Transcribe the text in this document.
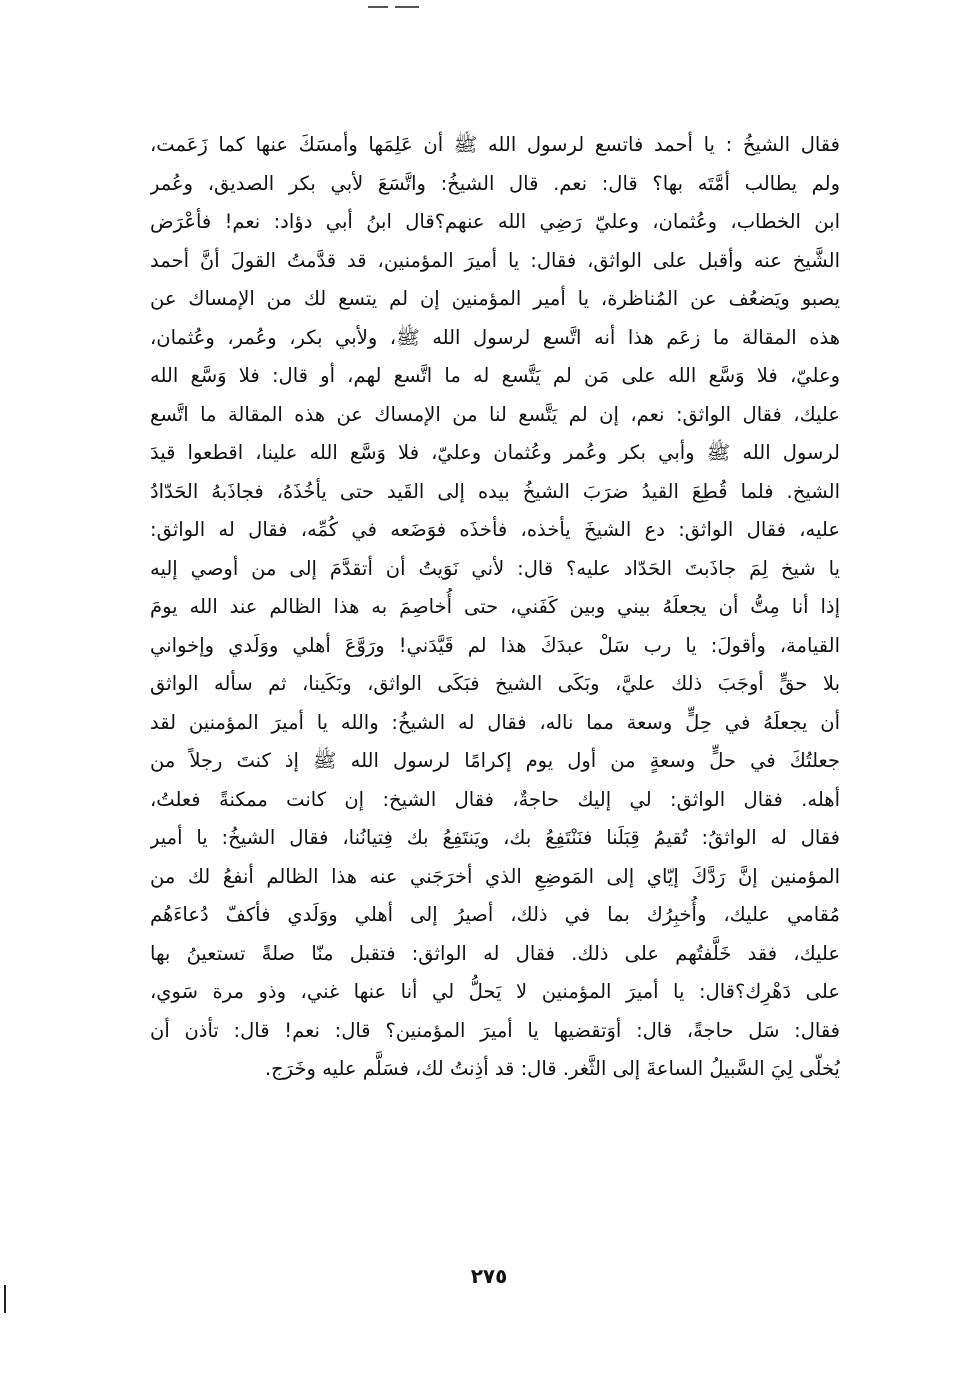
فقال الشيخُ : يا أحمد فاتسع لرسول الله ﷺ أن عَلِمَها وأمسَكَ عنها كما زَعَمت،
ولم يطالب أمَّتَه بها؟ قال: نعم. قال الشيخُ: واتَّسَعَ لأبي بكر الصديق، وعُمر
ابن الخطاب، وعُثمان، وعليّ رَضِي الله عنهم؟قال ابنُ أبي دؤاد: نعم! فأعْرَض
الشَّيخ عنه وأقبل على الواثق، فقال: يا أميرَ المؤمنين، قد قدَّمتُ القولَ أنَّ أحمد
يصبو ويَضعُف عن المُناظرة، يا أمير المؤمنين إن لم يتسع لك من الإمساك عن
هذه المقالة ما زعَم هذا أنه اتَّسع لرسول الله ﷺ، ولأبي بكر، وعُمر، وعُثمان،
وعليّ، فلا وَسَّع الله على مَن لم يَتَّسع له ما اتَّسع لهم، أو قال: فلا وَسَّع الله
عليك، فقال الواثق: نعم، إن لم يَتَّسع لنا من الإمساك عن هذه المقالة ما اتَّسع
لرسول الله ﷺ وأبي بكر وعُمر وعُثمان وعليّ، فلا وَسَّع الله علينا، اقطعوا قيدَ
الشيخ. فلما قُطِعَ القيدُ ضرَبَ الشيخُ بيده إلى القَيد حتى يأخُذَهُ، فجاذَبهُ الحَدّادُ
عليه، فقال الواثق: دع الشيخَ يأخذه، فأخذَه فوَضَعه في كُمِّه، فقال له الواثق:
يا شيخ لِمَ جاذَبتَ الحَدّاد عليه؟ قال: لأني نَوَيتُ أن أتقدَّمَ إلى من أوصي إليه
إذا أنا مِتُّ أن يجعلَهُ بيني وبين كَفَني، حتى أُخاصِمَ به هذا الظالم عند الله يومَ
القيامة، وأقولَ: يا رب سَلْ عبدَكَ هذا لم قَيَّدَني! ورَوَّعَ أهلي ووَلَدي وإخواني
بلا حقٍّ أوجَبَ ذلك عليَّ، وبَكَى الشيخ فبَكَى الواثق، وبَكَينا، ثم سأله الواثق
أن يجعلَهُ في حِلٍّ وسعة مما ناله، فقال له الشيخُ: والله يا أميرَ المؤمنين لقد
جعلتُكَ في حلٍّ وسعةٍ من أول يوم إكرامًا لرسول الله ﷺ إذ كنتَ رجلاً من
أهله. فقال الواثق: لي إليك حاجةٌ، فقال الشيخ: إن كانت ممكنةً فعلتُ،
فقال له الواثقُ: تُقيمُ قِبَلَنا فنَنْتَفِعُ بك، ويَنتَفِعُ بك فِتيانُنا، فقال الشيخُ: يا أمير
المؤمنين إنَّ رَدَّكَ إيّاي إلى المَوضِعِ الذي أخرَجَني عنه هذا الظالم أنفعُ لك من
مُقامي عليك، وأُخبِرُك بما في ذلك، أصيرُ إلى أهلي ووَلَدي فأكفّ دُعاءَهُم
عليك، فقد خَلَّفتُهم على ذلك. فقال له الواثق: فتقبل منّا صلةً تستعينُ بها
على دَهْرِك؟قال: يا أميرَ المؤمنين لا يَحلُّ لي أنا عنها غني، وذو مرة سَوي،
فقال: سَل حاجةً، قال: أوَتقضيها يا أميرَ المؤمنين؟ قال: نعم! قال: تأذن أن
يُخلّى لِيَ السَّبيلُ الساعةَ إلى الثَّغر. قال: قد أذِنتُ لك، فسَلَّم عليه وخَرَج.
٢٧٥
